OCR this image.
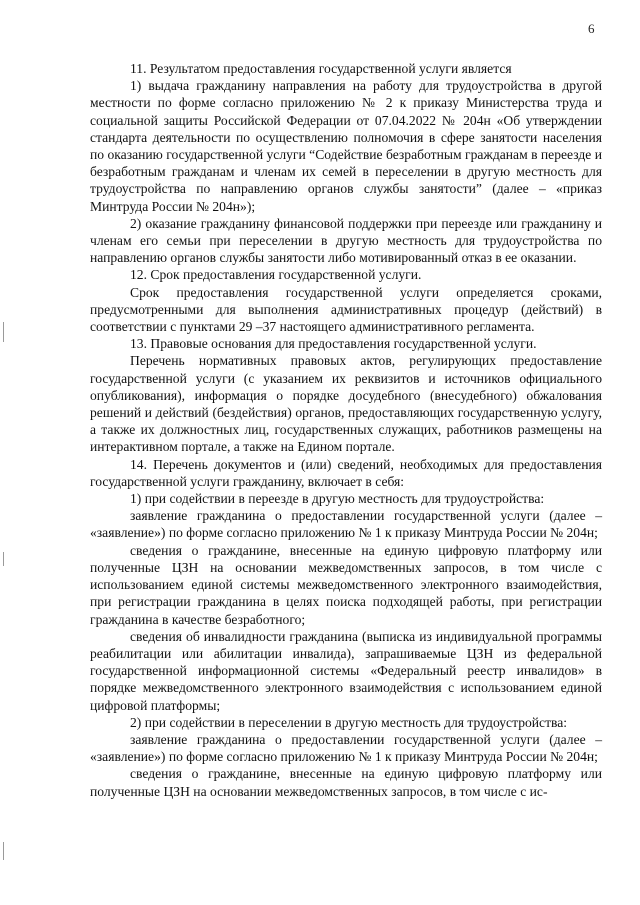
6

11. Результатом предоставления государственной услуги является

1) выдача гражданину направления на работу для трудоустройства в другой местности по форме согласно приложению № 2 к приказу Министерства труда и социальной защиты Российской Федерации от 07.04.2022 № 204н «Об утверждении стандарта деятельности по осуществлению полномочия в сфере занятости населения по оказанию государственной услуги “Содействие безработным гражданам в переезде и безработным гражданам и членам их семей в переселении в другую местность для трудоустройства по направлению органов службы занятости” (далее – «приказ Минтруда России № 204н»);

2) оказание гражданину финансовой поддержки при переезде или гражданину и членам его семьи при переселении в другую местность для трудоустройства по направлению органов службы занятости либо мотивированный отказ в ее оказании.

12. Срок предоставления государственной услуги.

Срок предоставления государственной услуги определяется сроками, предусмотренными для выполнения административных процедур (действий) в соответствии с пунктами 29 –37 настоящего административного регламента.

13. Правовые основания для предоставления государственной услуги.

Перечень нормативных правовых актов, регулирующих предоставление государственной услуги (с указанием их реквизитов и источников официального опубликования), информация о порядке досудебного (внесудебного) обжалования решений и действий (бездействия) органов, предоставляющих государственную услугу, а также их должностных лиц, государственных служащих, работников размещены на интерактивном портале, а также на Едином портале.

14. Перечень документов и (или) сведений, необходимых для предоставления государственной услуги гражданину, включает в себя:

1) при содействии в переезде в другую местность для трудоустройства:

заявление гражданина о предоставлении государственной услуги (далее – «заявление») по форме согласно приложению № 1 к приказу Минтруда России № 204н;

сведения о гражданине, внесенные на единую цифровую платформу или полученные ЦЗН на основании межведомственных запросов, в том числе с использованием единой системы межведомственного электронного взаимодействия, при регистрации гражданина в целях поиска подходящей работы, при регистрации гражданина в качестве безработного;

сведения об инвалидности гражданина (выписка из индивидуальной программы реабилитации или абилитации инвалида), запрашиваемые ЦЗН из федеральной государственной информационной системы «Федеральный реестр инвалидов» в порядке межведомственного электронного взаимодействия с использованием единой цифровой платформы;

2) при содействии в переселении в другую местность для трудоустройства:

заявление гражданина о предоставлении государственной услуги (далее – «заявление») по форме согласно приложению № 1 к приказу Минтруда России № 204н;

сведения о гражданине, внесенные на единую цифровую платформу или полученные ЦЗН на основании межведомственных запросов, в том числе с ис-
